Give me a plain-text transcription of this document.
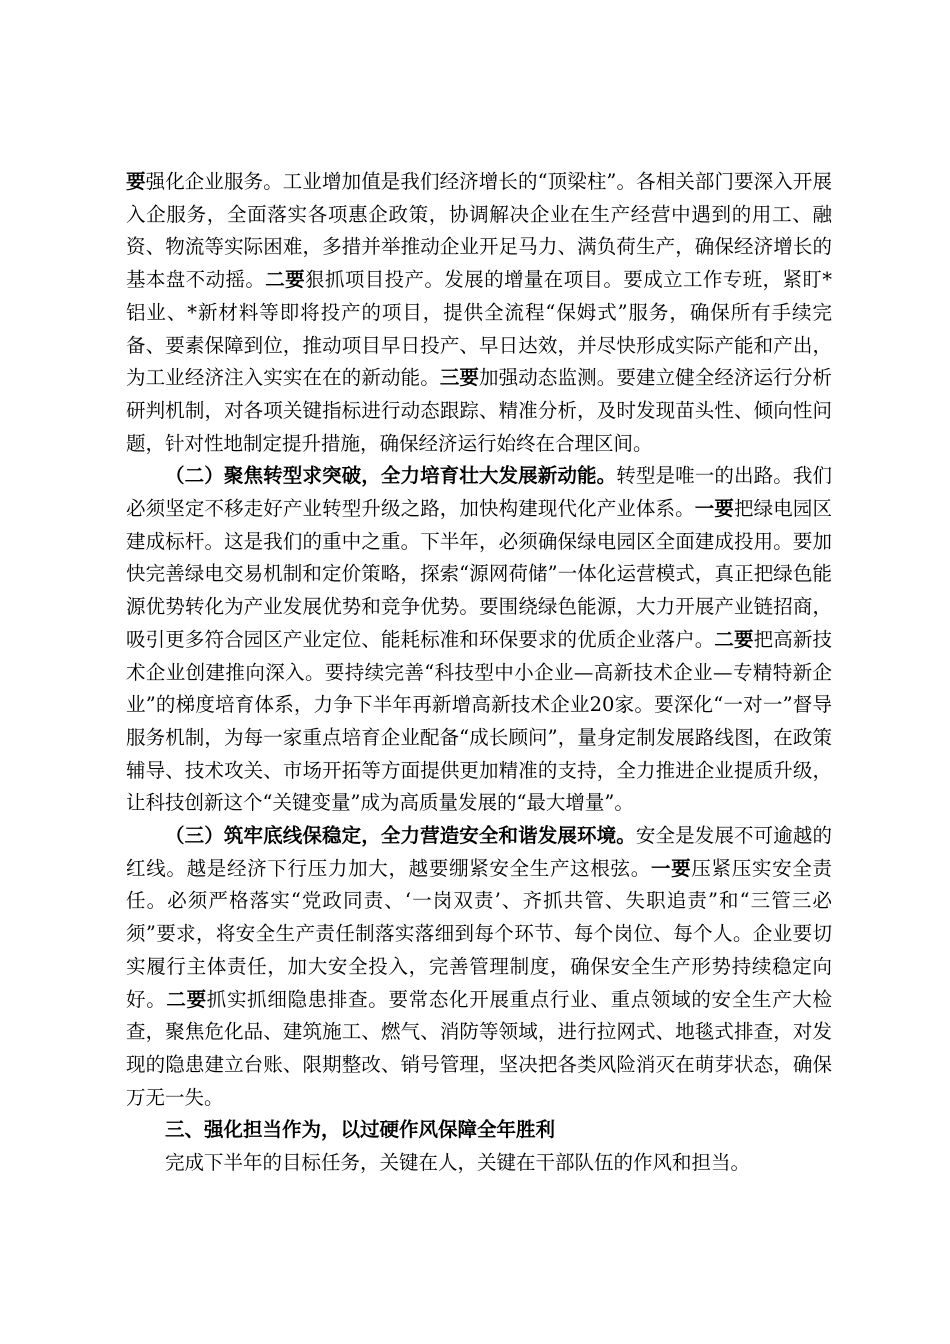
要强化企业服务。工业增加值是我们经济增长的“顶梁柱”。各相关部门要深入开展入企服务，全面落实各项惠企政策，协调解决企业在生产经营中遇到的用工、融资、物流等实际困难，多措并举推动企业开足马力、满负荷生产，确保经济增长的基本盘不动摇。二要狠抓项目投产。发展的增量在项目。要成立工作专班，紧盯*铝业、*新材料等即将投产的项目，提供全流程“保姆式”服务，确保所有手续完备、要素保障到位，推动项目早日投产、早日达效，并尽快形成实际产能和产出，为工业经济注入实实在在的新动能。三要加强动态监测。要建立健全经济运行分析研判机制，对各项关键指标进行动态跟踪、精准分析，及时发现苗头性、倾向性问题，针对性地制定提升措施，确保经济运行始终在合理区间。

（二）聚焦转型求突破，全力培育壮大发展新动能。转型是唯一的出路。我们必须坚定不移走好产业转型升级之路，加快构建现代化产业体系。一要把绿电园区建成标杆。这是我们的重中之重。下半年，必须确保绿电园区全面建成投用。要加快完善绿电交易机制和定价策略，探索“源网荷储”一体化运营模式，真正把绿色能源优势转化为产业发展优势和竞争优势。要围绕绿色能源，大力开展产业链招商，吸引更多符合园区产业定位、能耗标准和环保要求的优质企业落户。二要把高新技术企业创建推向深入。要持续完善“科技型中小企业—高新技术企业—专精特新企业”的梯度培育体系，力争下半年再新增高新技术企业20家。要深化“一对一”督导服务机制，为每一家重点培育企业配备“成长顾问”，量身定制发展路线图，在政策辅导、技术攻关、市场开拓等方面提供更加精准的支持，全力推进企业提质升级，让科技创新这个“关键变量”成为高质量发展的“最大增量”。

（三）筑牢底线保稳定，全力营造安全和谐发展环境。安全是发展不可逾越的红线。越是经济下行压力加大，越要绷紧安全生产这根弦。一要压紧压实安全责任。必须严格落实“党政同责、‘一岗双责’、齐抓共管、失职追责”和“三管三必须”要求，将安全生产责任制落实落细到每个环节、每个岗位、每个人。企业要切实履行主体责任，加大安全投入，完善管理制度，确保安全生产形势持续稳定向好。二要抓实抓细隐患排查。要常态化开展重点行业、重点领域的安全生产大检查，聚焦危化品、建筑施工、燃气、消防等领域，进行拉网式、地毯式排查，对发现的隐患建立台账、限期整改、销号管理，坚决把各类风险消灭在萌芽状态，确保万无一失。

三、强化担当作为，以过硬作风保障全年胜利

完成下半年的目标任务，关键在人，关键在干部队伍的作风和担当。
